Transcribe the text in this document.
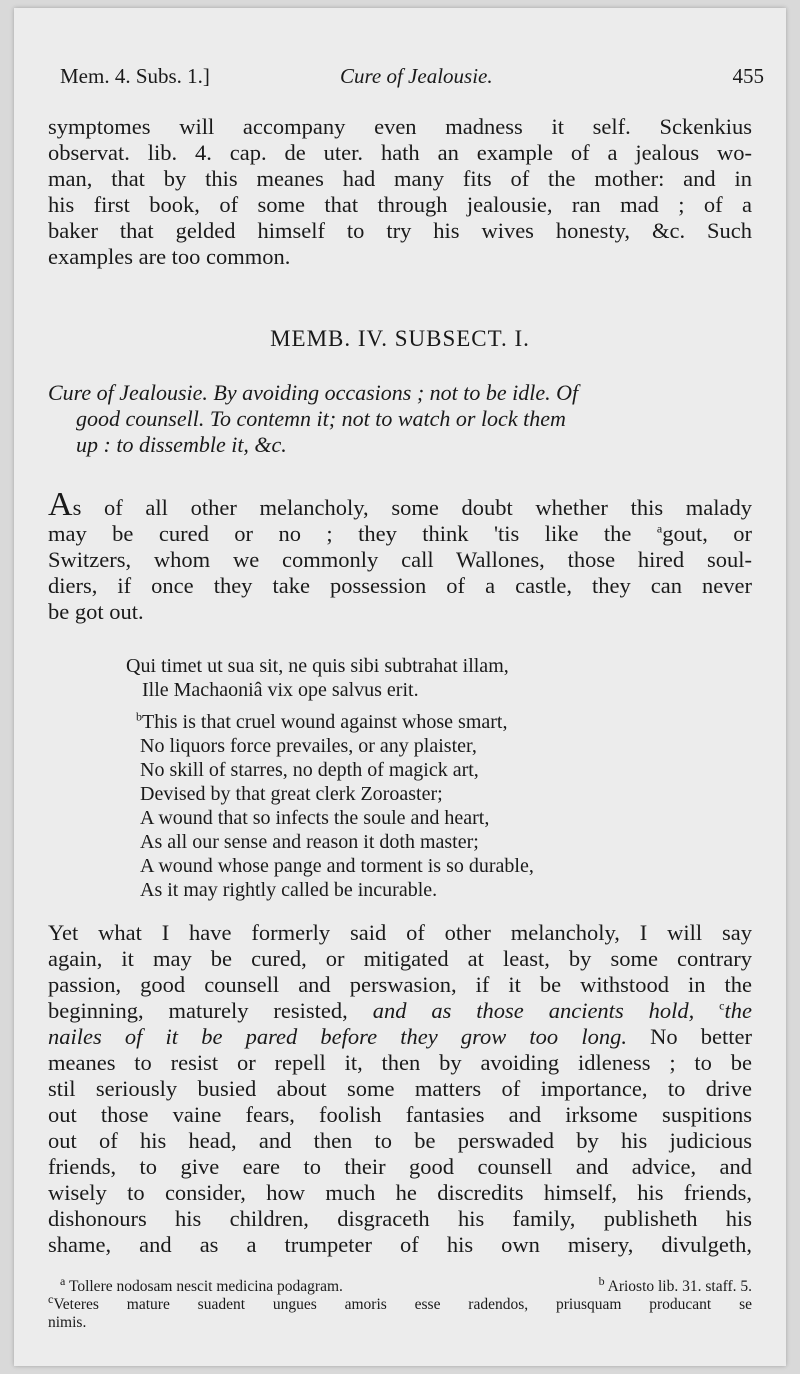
Mem. 4. Subs. 1.]	Cure of Jealousie.	455

symptomes will accompany even madness it self. Sckenkius
observat. lib. 4. cap. de uter. hath an example of a jealous wo-
man, that by this meanes had many fits of the mother: and in
his first book, of some that through jealousie, ran mad ; of a
baker that gelded himself to try his wives honesty, &c. Such
examples are too common.

MEMB. IV. SUBSECT. I.
Cure of Jealousie. By avoiding occasions ; not to be idle. Of
good counsell. To contemn it; not to watch or lock them
up : to dissemble it, &c.

As of all other melancholy, some doubt whether this malady
may be cured or no ; they think 'tis like the $^a$gout, or
Switzers, whom we commonly call Wallones, those hired soul-
diers, if once they take possession of a castle, they can never
be got out.

Qui timet ut sua sit, ne quis sibi subtrahat illam,
Ille Machaoniâ vix ope salvus erit.
$^b$This is that cruel wound against whose smart,
No liquors force prevailes, or any plaister,
No skill of starres, no depth of magick art,
Devised by that great clerk Zoroaster;
A wound that so infects the soule and heart,
As all our sense and reason it doth master;
A wound whose pange and torment is so durable,
As it may rightly called be incurable.

Yet what I have formerly said of other melancholy, I will say
again, it may be cured, or mitigated at least, by some contrary
passion, good counsell and perswasion, if it be withstood in the
beginning, maturely resisted, and as those ancients hold, $^c$the
nailes of it be pared before they grow too long. No better
meanes to resist or repell it, then by avoiding idleness ; to be
stil seriously busied about some matters of importance, to drive
out those vaine fears, foolish fantasies and irksome suspitions
out of his head, and then to be perswaded by his judicious
friends, to give eare to their good counsell and advice, and
wisely to consider, how much he discredits himself, his friends,
dishonours his children, disgraceth his family, publisheth his
shame, and as a trumpeter of his own misery, divulgeth,

$^a$ Tollere nodosam nescit medicina podagram.	$^b$ Ariosto lib. 31. staff. 5.
$^c$Veteres mature suadent ungues amoris esse radendos, priusquam producant se
nimis.
